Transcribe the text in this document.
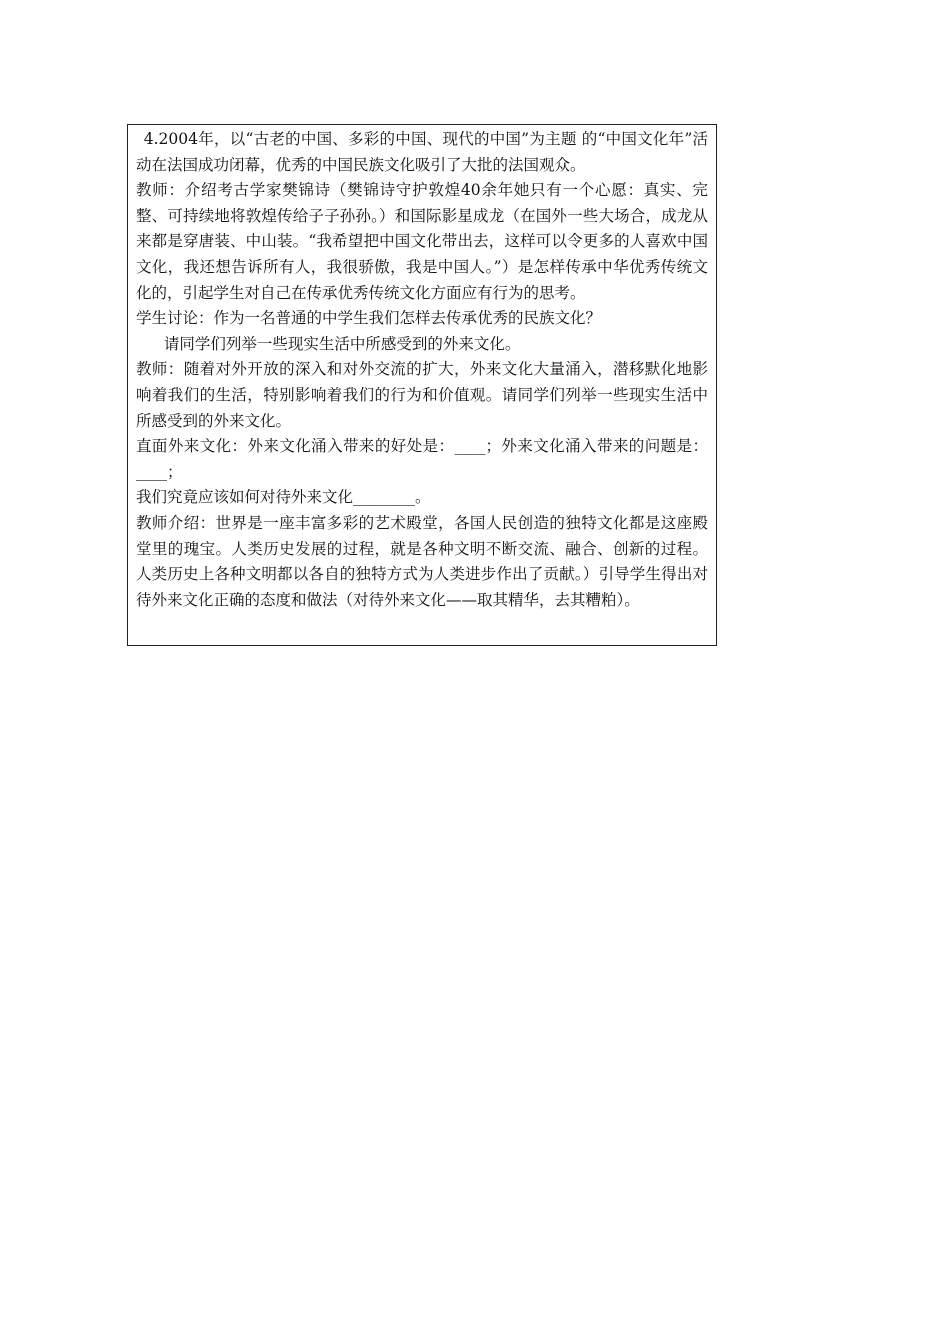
4.2004年，以“古老的中国、多彩的中国、现代的中国”为主题 的“中国文化年”活动在法国成功闭幕，优秀的中国民族文化吸引了大批的法国观众。

教师：介绍考古学家樊锦诗（樊锦诗守护敦煌40余年她只有一个心愿：真实、完整、可持续地将敦煌传给子子孙孙。）和国际影星成龙（在国外一些大场合，成龙从来都是穿唐装、中山装。“我希望把中国文化带出去，这样可以令更多的人喜欢中国文化，我还想告诉所有人，我很骄傲，我是中国人。”）是怎样传承中华优秀传统文化的，引起学生对自己在传承优秀传统文化方面应有行为的思考。

学生讨论：作为一名普通的中学生我们怎样去传承优秀的民族文化？

请同学们列举一些现实生活中所感受到的外来文化。

教师：随着对外开放的深入和对外交流的扩大，外来文化大量涌入，潜移默化地影响着我们的生活，特别影响着我们的行为和价值观。请同学们列举一些现实生活中所感受到的外来文化。

直面外来文化：外来文化涌入带来的好处是：____；外来文化涌入带来的问题是：____；

我们究竟应该如何对待外来文化________。

教师介绍：世界是一座丰富多彩的艺术殿堂，各国人民创造的独特文化都是这座殿堂里的瑰宝。人类历史发展的过程，就是各种文明不断交流、融合、创新的过程。人类历史上各种文明都以各自的独特方式为人类进步作出了贡献。）引导学生得出对待外来文化正确的态度和做法（对待外来文化——取其精华，去其糟粕）。
